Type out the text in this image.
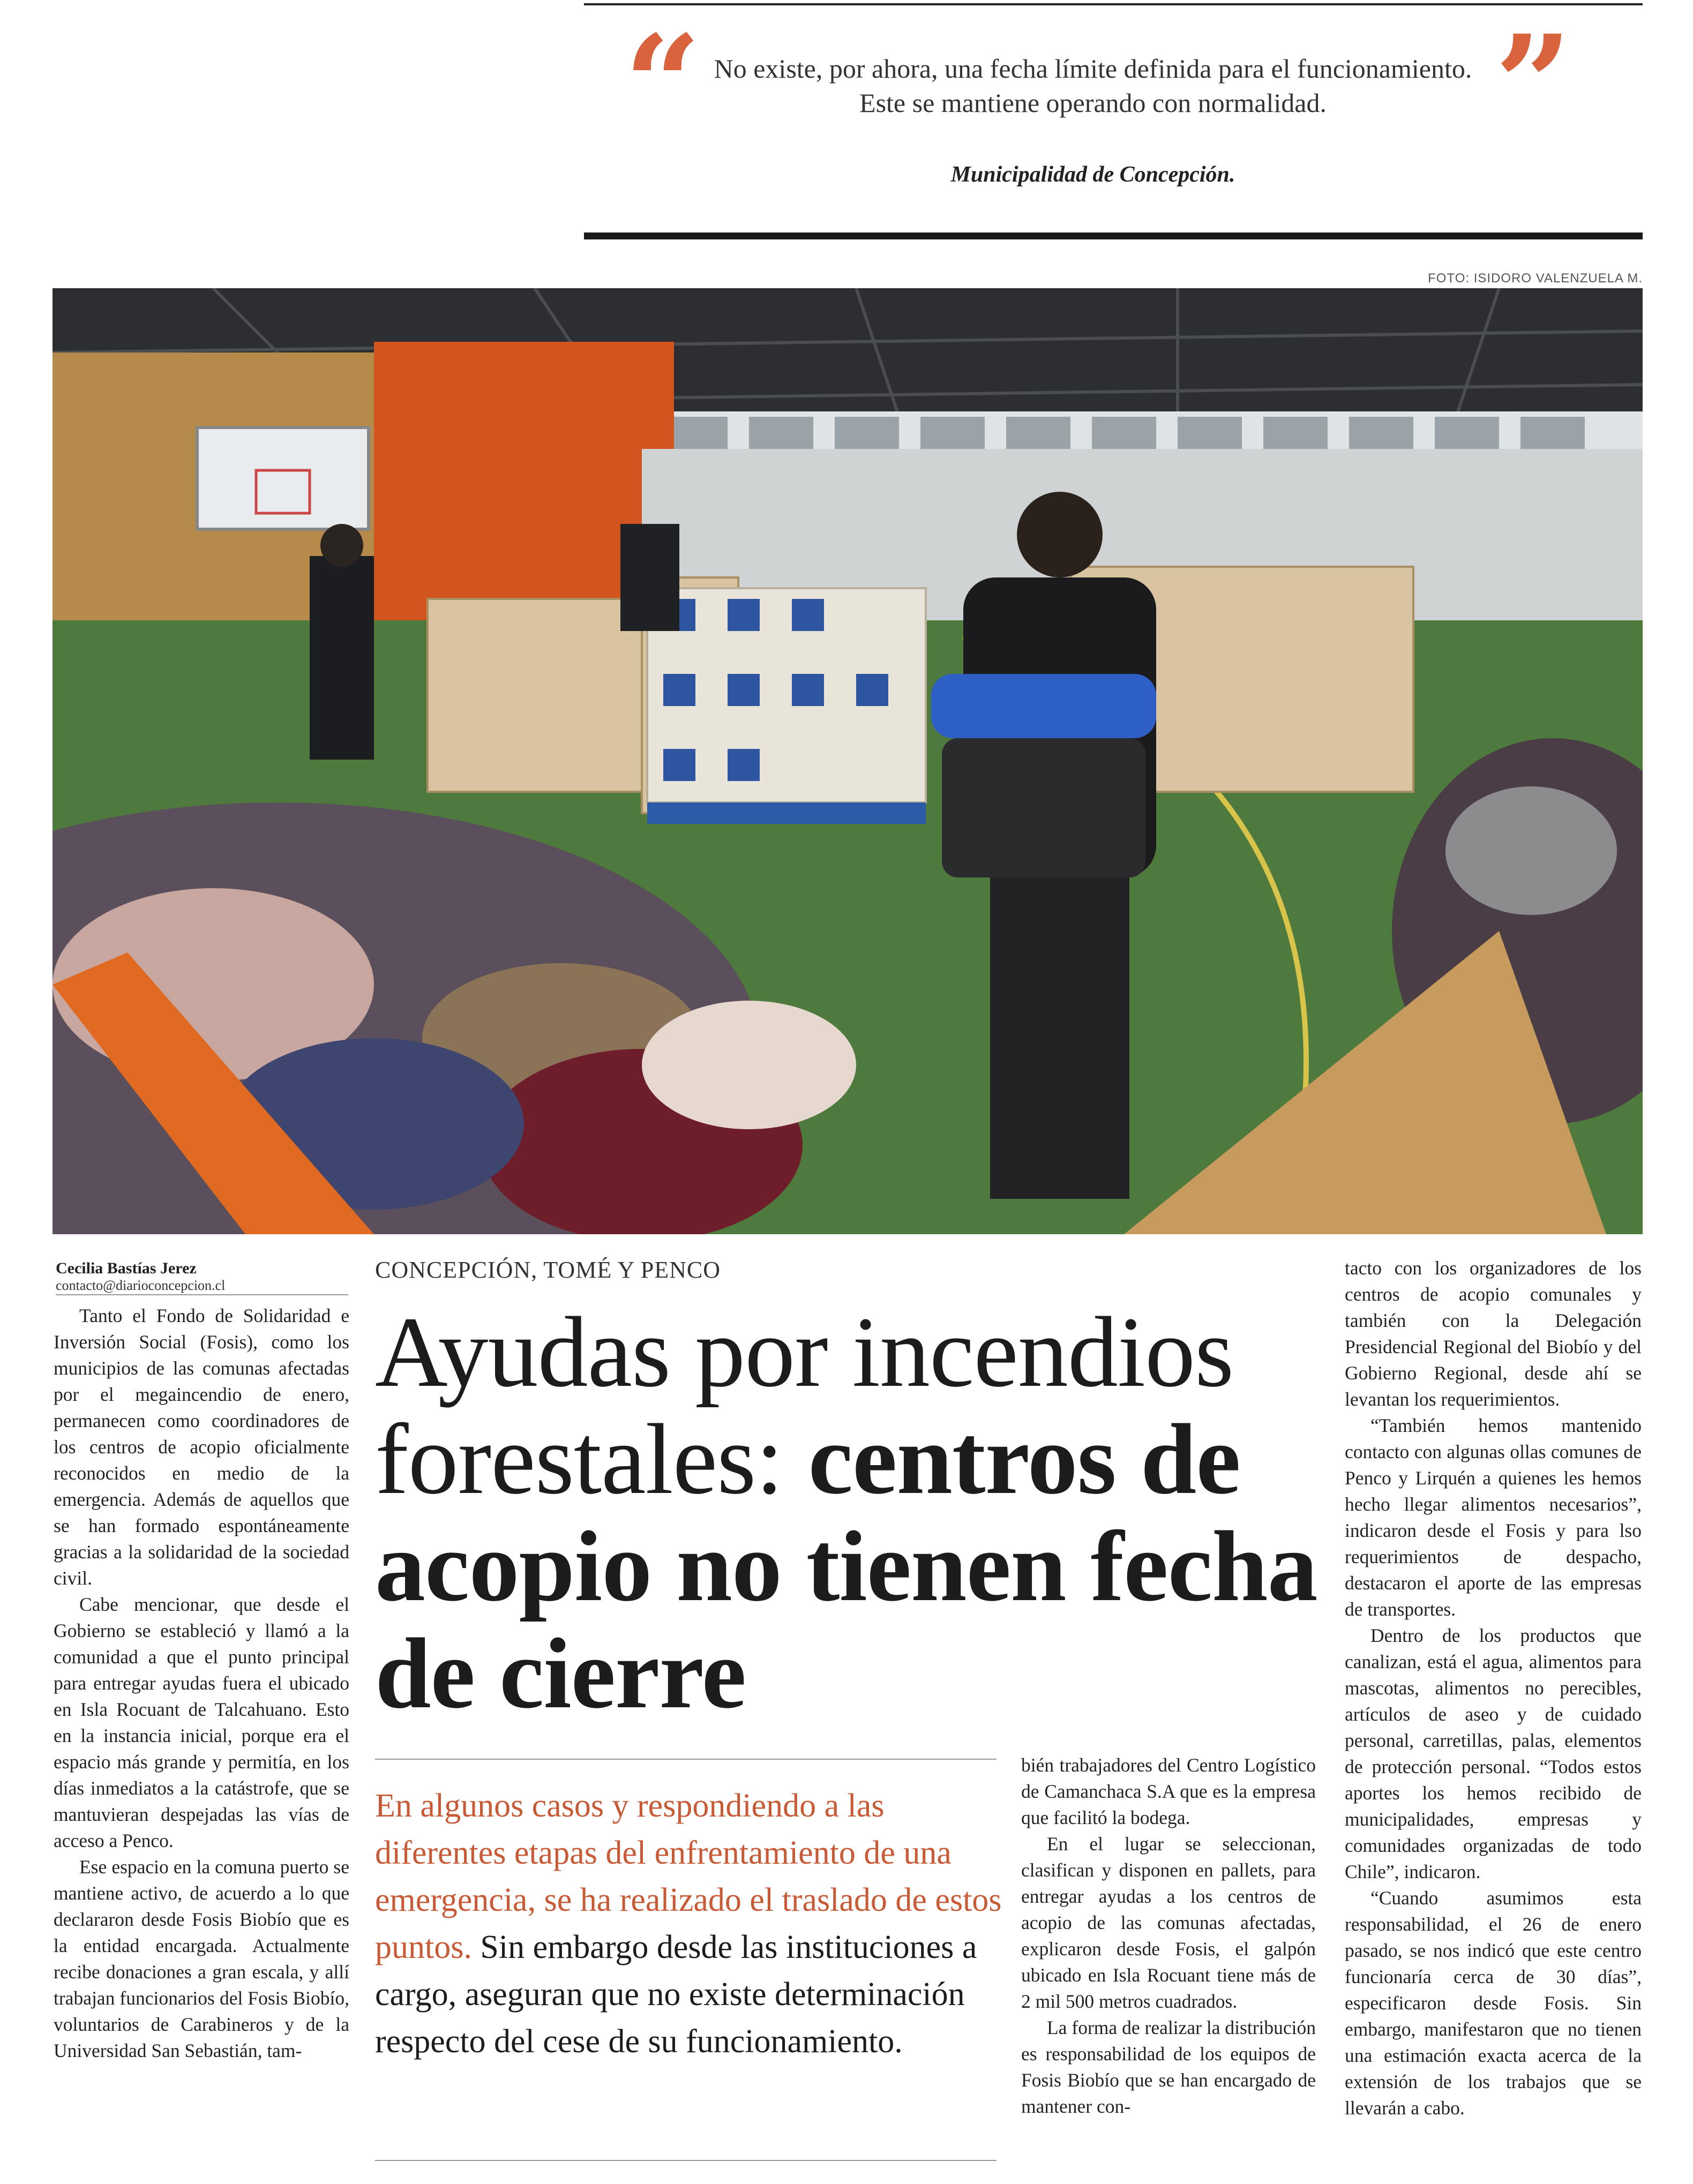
“ No existe, por ahora, una fecha límite definida para el funcionamiento. Este se mantiene operando con normalidad.	”
Municipalidad de Concepción.
FOTO: ISIDORO VALENZUELA M.
Cecilia Bastías Jerez
contacto@diarioconcepcion.cl

Tanto el Fondo de Solidaridad e Inversión Social (Fosis), como los municipios de las comunas afectadas por el megaincendio de enero, permanecen como coordinadores de los centros de acopio oficialmente reconocidos en medio de la emergencia. Además de aquellos que se han formado espontáneamente gracias a la solidaridad de la sociedad civil.

Cabe mencionar, que desde el Gobierno se estableció y llamó a la comunidad a que el punto principal para entregar ayudas fuera el ubicado en Isla Rocuant de Talcahuano. Esto en la instancia inicial, porque era el espacio más grande y permitía, en los días inmediatos a la catástrofe, que se mantuvieran despejadas las vías de acceso a Penco.

Ese espacio en la comuna puerto se mantiene activo, de acuerdo a lo que declararon desde Fosis Biobío que es la entidad encargada. Actualmente recibe donaciones a gran escala, y allí trabajan funcionarios del Fosis Biobío, voluntarios de Carabineros y de la Universidad San Sebastián, tam-

CONCEPCIÓN, TOMÉ Y PENCO
Ayudas por incendios forestales: centros de acopio no tienen fecha de cierre
En algunos casos y respondiendo a las diferentes etapas del enfrentamiento de una emergencia, se ha realizado el traslado de estos puntos. Sin embargo desde las instituciones a cargo, aseguran que no existe determinación respecto del cese de su funcionamiento.

bién trabajadores del Centro Logístico de Camanchaca S.A que es la empresa que facilitó la bodega.

En el lugar se seleccionan, clasifican y disponen en pallets, para entregar ayudas a los centros de acopio de las comunas afectadas, explicaron desde Fosis, el galpón ubicado en Isla Rocuant tiene más de 2 mil 500 metros cuadrados.

La forma de realizar la distribución es responsabilidad de los equipos de Fosis Biobío que se han encargado de mantener con-

tacto con los organizadores de los centros de acopio comunales y también con la Delegación Presidencial Regional del Biobío y del Gobierno Regional, desde ahí se levantan los requerimientos.

“También hemos mantenido contacto con algunas ollas comunes de Penco y Lirquén a quienes les hemos hecho llegar alimentos necesarios”, indicaron desde el Fosis y para lso requerimientos de despacho, destacaron el aporte de las empresas de transportes.

Dentro de los productos que canalizan, está el agua, alimentos para mascotas, alimentos no perecibles, artículos de aseo y de cuidado personal, carretillas, palas, elementos de protección personal. “Todos estos aportes los hemos recibido de municipalidades, empresas y comunidades organizadas de todo Chile”, indicaron.

“Cuando asumimos esta responsabilidad, el 26 de enero pasado, se nos indicó que este centro funcionaría cerca de 30 días”, especificaron desde Fosis. Sin embargo, manifestaron que no tienen una estimación exacta acerca de la extensión de los trabajos que se llevarán a cabo.
